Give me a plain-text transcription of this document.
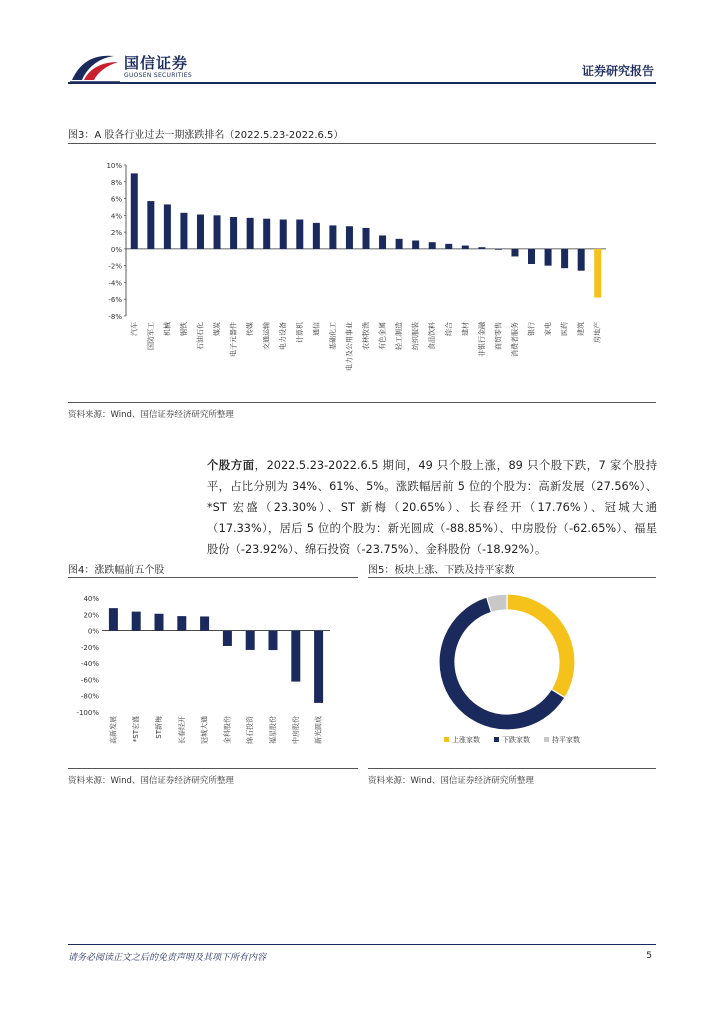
国信证券
GUOSEN SECURITIES	证券研究报告
图3：A 股各行业过去一期涨跌排名（2022.5.23-2022.6.5）
10%
8%
6%
4%
2%
0%
-2%
-4%
-6%
-8%
汽车 国防军工 机械 钢铁 石油石化 煤炭 电子元器件 传媒 交通运输 电力设备 计算机 通信 基础化工 电力及公用事业 农林牧渔 有色金属 轻工制造 纺织服装 食品饮料 综合 建材 非银行金融 商贸零售 消费者服务 银行 家电 医药 建筑 房地产
资料来源：Wind、国信证券经济研究所整理
个股方面，2022.5.23-2022.6.5 期间，49 只个股上涨，89 只个股下跌，7 家个股持平，占比分别为 34%、61%、5%。涨跌幅居前 5 位的个股为：高新发展（27.56%）、*ST 宏盛（23.30%）、ST 新梅（20.65%）、长春经开（17.76%）、冠城大通（17.33%），居后 5 位的个股为：新光圆成（-88.85%）、中房股份（-62.65%）、福星股份（-23.92%）、绵石投资（-23.75%）、金科股份（-18.92%）。
图4：涨跌幅前五个股
40%
20%
0%
-20%
-40%
-60%
-80%
-100%
高新发展 *ST宏盛 ST新梅 长春经开 冠城大通 金科股份 绵石投资 福星股份 中房股份 新光圆成
资料来源：Wind、国信证券经济研究所整理
图5：板块上涨、下跌及持平家数
上涨家数	下跌家数	持平家数
资料来源：Wind、国信证券经济研究所整理
请务必阅读正文之后的免责声明及其项下所有内容	5
